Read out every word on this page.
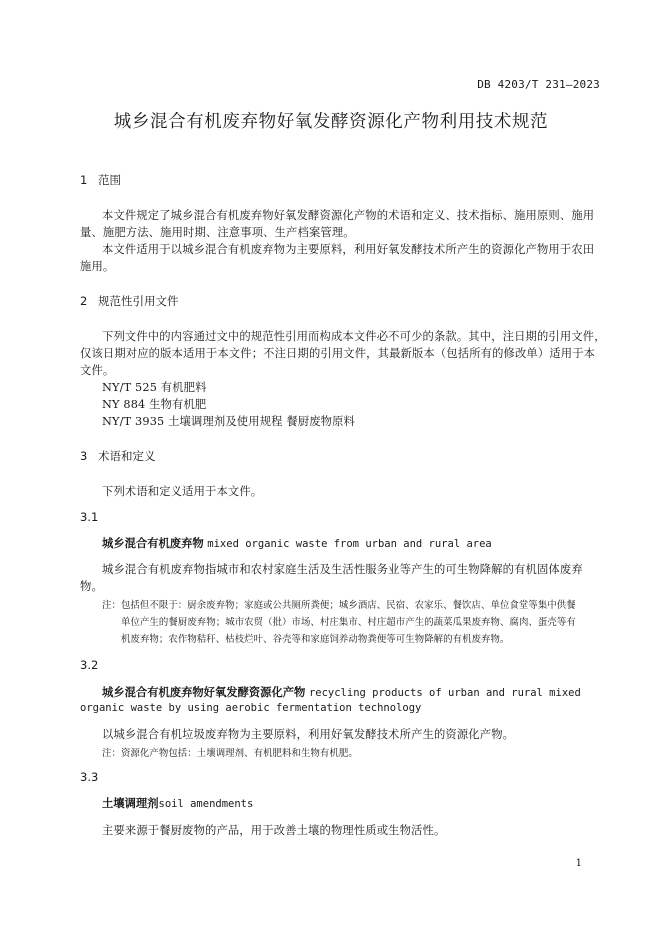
DB 4203/T 231—2023
城乡混合有机废弃物好氧发酵资源化产物利用技术规范
1 范围
本文件规定了城乡混合有机废弃物好氧发酵资源化产物的术语和定义、技术指标、施用原则、施用
量、施肥方法、施用时期、注意事项、生产档案管理。
本文件适用于以城乡混合有机废弃物为主要原料，利用好氧发酵技术所产生的资源化产物用于农田
施用。
2 规范性引用文件
下列文件中的内容通过文中的规范性引用而构成本文件必不可少的条款。其中，注日期的引用文件，
仅该日期对应的版本适用于本文件；不注日期的引用文件，其最新版本（包括所有的修改单）适用于本
文件。
NY/T 525 有机肥料
NY 884 生物有机肥
NY/T 3935 土壤调理剂及使用规程 餐厨废物原料
3 术语和定义
下列术语和定义适用于本文件。
3.1
城乡混合有机废弃物 mixed organic waste from urban and rural area
城乡混合有机废弃物指城市和农村家庭生活及生活性服务业等产生的可生物降解的有机固体废弃
物。
注：包括但不限于：厨余废弃物；家庭或公共厕所粪便；城乡酒店、民宿、农家乐、餐饮店、单位食堂等集中供餐
单位产生的餐厨废弃物；城市农贸（批）市场、村庄集市、村庄超市产生的蔬菜瓜果废弃物、腐肉、蛋壳等有
机废弃物；农作物秸秆、枯枝烂叶、谷壳等和家庭饲养动物粪便等可生物降解的有机废弃物。
3.2
城乡混合有机废弃物好氧发酵资源化产物 recycling products of urban and rural mixed
organic waste by using aerobic fermentation technology
以城乡混合有机垃圾废弃物为主要原料，利用好氧发酵技术所产生的资源化产物。
注：资源化产物包括：土壤调理剂、有机肥料和生物有机肥。
3.3
土壤调理剂soil amendments
主要来源于餐厨废物的产品，用于改善土壤的物理性质或生物活性。
1
